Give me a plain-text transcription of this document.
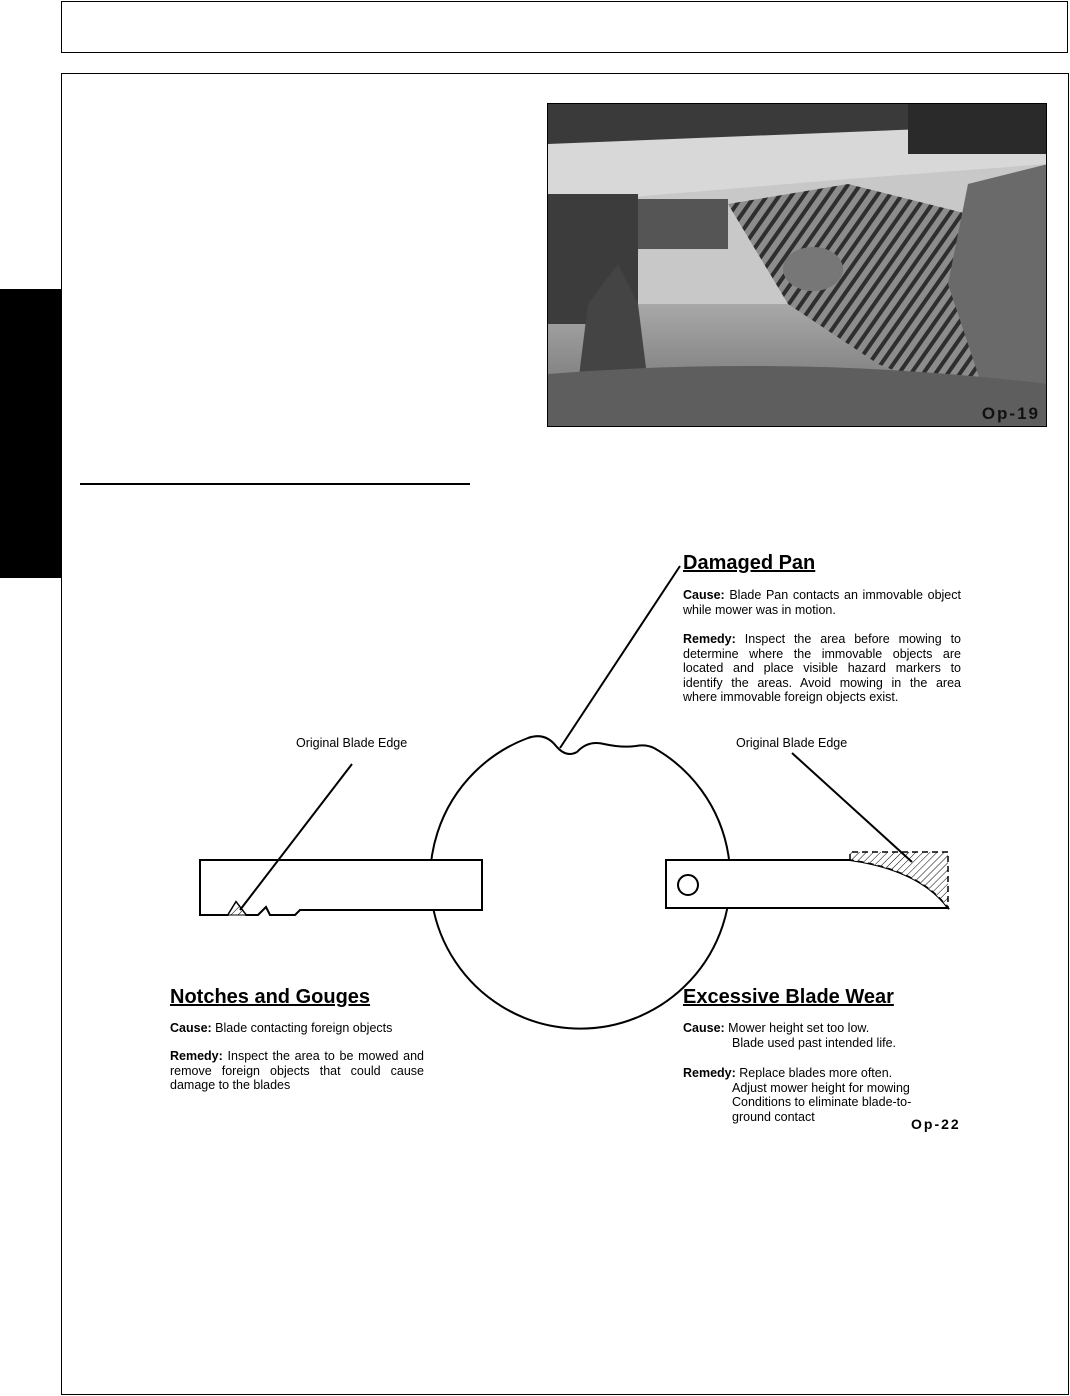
Op-19
Damaged Pan
Cause: Blade Pan contacts an immovable object while mower was in motion.
Remedy: Inspect the area before mowing to determine where the immovable objects are located and place visible hazard markers to identify the areas. Avoid mowing in the area where immovable foreign objects exist.
Original Blade Edge	Original Blade Edge
Notches and Gouges
Cause: Blade contacting foreign objects
Remedy: Inspect the area to be mowed and remove foreign objects that could cause damage to the blades
Excessive Blade Wear
Cause: Mower height set too low.
Blade used past intended life.
Remedy: Replace blades more often.
Adjust mower height for mowing
Conditions to eliminate blade-to-
ground contact	Op-22
